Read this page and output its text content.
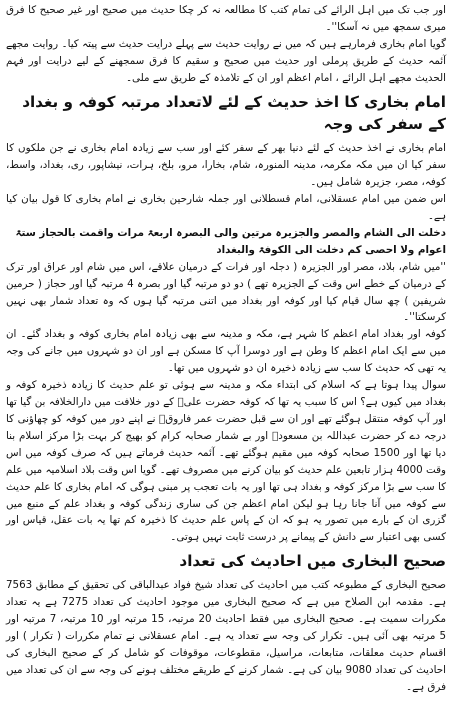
اور جب تک میں اہل الرائے کی تمام کتب کا مطالعہ نہ کر چکا حدیث میں صحیح اور غیر صحیح کا فرق میری سمجھ میں نہ آسکا''۔

گویا امام بخاری فرمارہے ہیں کہ میں نے روایت حدیث سے پہلے درایت حدیث سے پیتہ کیا۔ روایت مجھے آئمہ حدیث کے طریق پرملی اور حدیث میں صحیح و سقیم کا فرق سمجھنے کے لیے درایت اور فہم الحدیث مجھے اہل الرائے ، امام اعظم اور ان کے تلامذہ کے طریق سے ملی۔

امام بخاری کا اخذ حدیث کے لئے لاتعداد مرتبہ کوفہ و بغداد کے سفر کی وجہ

امام بخاری نے اخذ حدیث کے لئے دنیا بھر کے سفر کئے اور سب سے زیادہ امام بخاری نے جن ملکوں کا سفر کیا ان میں مکہ مکرمہ، مدینہ المنورہ، شام، بخارا، مرو، بلخ، ہرات، نیشاپور، ری، بغداد، واسط، کوفہ، مصر، جزیرہ شامل ہیں۔

اس ضمن میں امام عسقلانی، امام قسطلانی اور جملہ شارحین بخاری نے امام بخاری کا قول بیان کیا ہے۔

دخلت الی الشام والمصر والجزیرہ مرتین والی البصرہ اربعۃ مرات واقمت بالحجاز ستۃ اعوام ولا احصی کم دخلت الی الکوفۃ والبغداد

''میں شام، بلاد، مصر اور الجزیرہ ( دجلہ اور فرات کے درمیان علاقے، اس میں شام اور عراق اور ترک کے درمیان کے خطے اس وقت کے الجزیرہ تھے ) دو دو مرتبہ گیا اور بصرہ 4 مرتبہ گیا اور حجاز ( حرمین شریفین ) چھ سال قیام کیا اور کوفہ اور بغداد میں اتنی مرتبہ گیا ہوں کہ وہ تعداد شمار بھی نہیں کرسکتا''۔

کوفہ اور بغداد امام اعظم کا شہر ہے، مکہ و مدینہ سے بھی زیادہ امام بخاری کوفہ و بغداد گئے۔ ان میں سے ایک امام اعظم کا وطن ہے اور دوسرا آپ کا مسکن ہے اور ان دو شہروں میں جانے کی وجہ یہ تھی کہ حدیث کا سب سے زیادہ ذخیرہ ان دو شہروں میں تھا۔

سوال پیدا ہوتا ہے کہ اسلام کی ابتداء مکہ و مدینہ سے ہوئی تو علم حدیث کا زیادہ ذخیرہ کوفہ و بغداد میں کیوں ہے؟ اس کا سبب یہ تھا کہ کوفہ حضرت علیؓ کے دور خلافت میں دارالخلافہ بن گیا تھا اور آپ کوفہ منتقل ہوگئے تھے اور ان سے قبل حضرت عمر فاروقؓ نے اپنے دور میں کوفہ کو چھاؤنی کا درجہ دے کر حضرت عبداللہ بن مسعودؓ اور بے شمار صحابہ کرام کو بھیج کر بہت بڑا مرکز اسلام بنا دیا تھا اور 1500 صحابہ کوفہ میں مقیم ہوگئے تھے۔ آئمہ حدیث فرماتے ہیں کہ صرف کوفہ میں اس وقت 4000 ہزار تابعین علم حدیث کو بیان کرنے میں مصروف تھے۔ گویا اس وقت بلاد اسلامیہ میں علم کا سب سے بڑا مرکز کوفہ و بغداد ہی تھا اور یہ بات تعجب پر مبنی ہوگی کہ امام بخاری کا علم حدیث سے کوفہ میں آنا جانا رہا ہو لیکن امام اعظم جن کی ساری زندگی کوفہ و بغداد علم کے منبع میں گزری ان کے بارے میں تصور یہ ہو کہ ان کے پاس علم حدیث کا ذخیرہ کم تھا یہ بات عقل، قیاس اور کسی بھی اعتبار سے دانش کے پیمانے پر درست ثابت نہیں ہوتی۔

صحیح البخاری میں احادیث کی تعداد

صحیح البخاری کے مطبوعہ کتب میں احادیث کی تعداد شیخ فواد عبدالباقی کی تحقیق کے مطابق 7563 ہے۔ مقدمہ ابن الصلاح میں ہے کہ صحیح البخاری میں موجود احادیث کی تعداد 7275 ہے یہ تعداد مکررات سمیت ہے۔ صحیح البخاری میں فقط احادیث 20 مرتبہ، 15 مرتبہ اور 10 مرتبہ، 7 مرتبہ اور 5 مرتبہ بھی آئی ہیں۔ تکرار کی وجہ سے تعداد یہ ہے۔ امام عسقلانی نے تمام مکررات ( تکرار ) اور اقسام حدیث معلقات، متابعات، مراسیل، مقطوعات، موقوفات کو شامل کر کے صحیح البخاری کی احادیث کی تعداد 9080 بیان کی ہے۔ شمار کرنے کے طریقے مختلف ہونے کی وجہ سے ان کی تعداد میں فرق ہے۔
